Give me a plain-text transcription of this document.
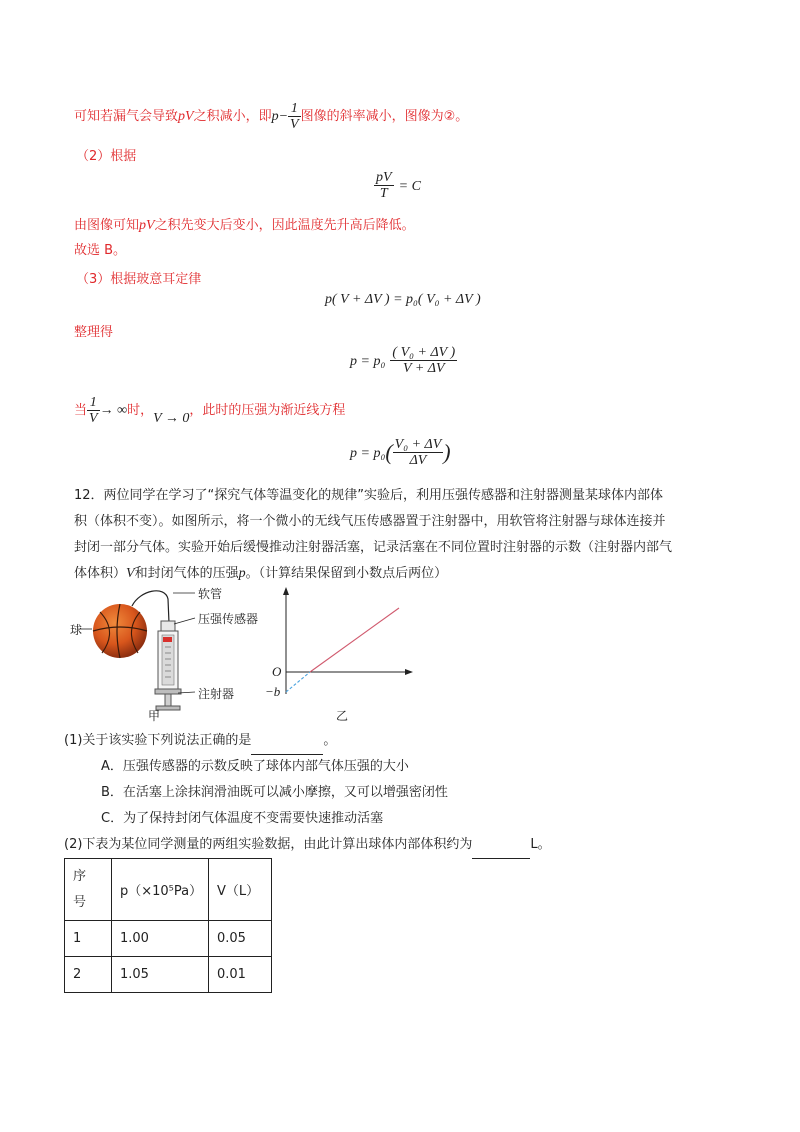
可知若漏气会导致pV之积减小，即$p- \frac{1}{V}$ 图像的斜率减小，图像为②。
（2）根据
$\frac{pV}{T} = C$
由图像可知pV之积先变大后变小，因此温度先升高后降低。
故选 B。
（3）根据玻意耳定律
p( V + ΔV ) = p₀( V₀ + ΔV )
整理得
$p = p_0 \frac{\text{( V₀ + ΔV )}}{V + \Delta V}$
当 $\frac{1}{V}$ → ∞时，V → 0，此时的压强为渐近线方程
$p = p_0( \frac{\text{V₀ + ΔV}}{\Delta V}$ )
12．两位同学在学习了“探究气体等温变化的规律”实验后，利用压强传感器和注射器测量某球体内部体
积（体积不变）。如图所示，将一个微小的无线气压传感器置于注射器中，用软管将注射器与球体连接并
封闭一部分气体。实验开始后缓慢推动注射器活塞，记录活塞在不同位置时注射器的示数（注射器内部气
体体积）V和封闭气体的压强p。（计算结果保留到小数点后两位）
球
软管
压强传感器
注射器
甲
O
−b
乙
(1)关于该实验下列说法正确的是	。
A．压强传感器的示数反映了球体内部气体压强的大小
B．在活塞上涂抹润滑油既可以减小摩擦，又可以增强密闭性
C．为了保持封闭气体温度不变需要快速推动活塞
(2)下表为某位同学测量的两组实验数据，由此计算出球体内部体积约为	L。
序
号	p（×10⁵Pa）	V（L）
1	1.00	0.05
2	1.05	0.01
